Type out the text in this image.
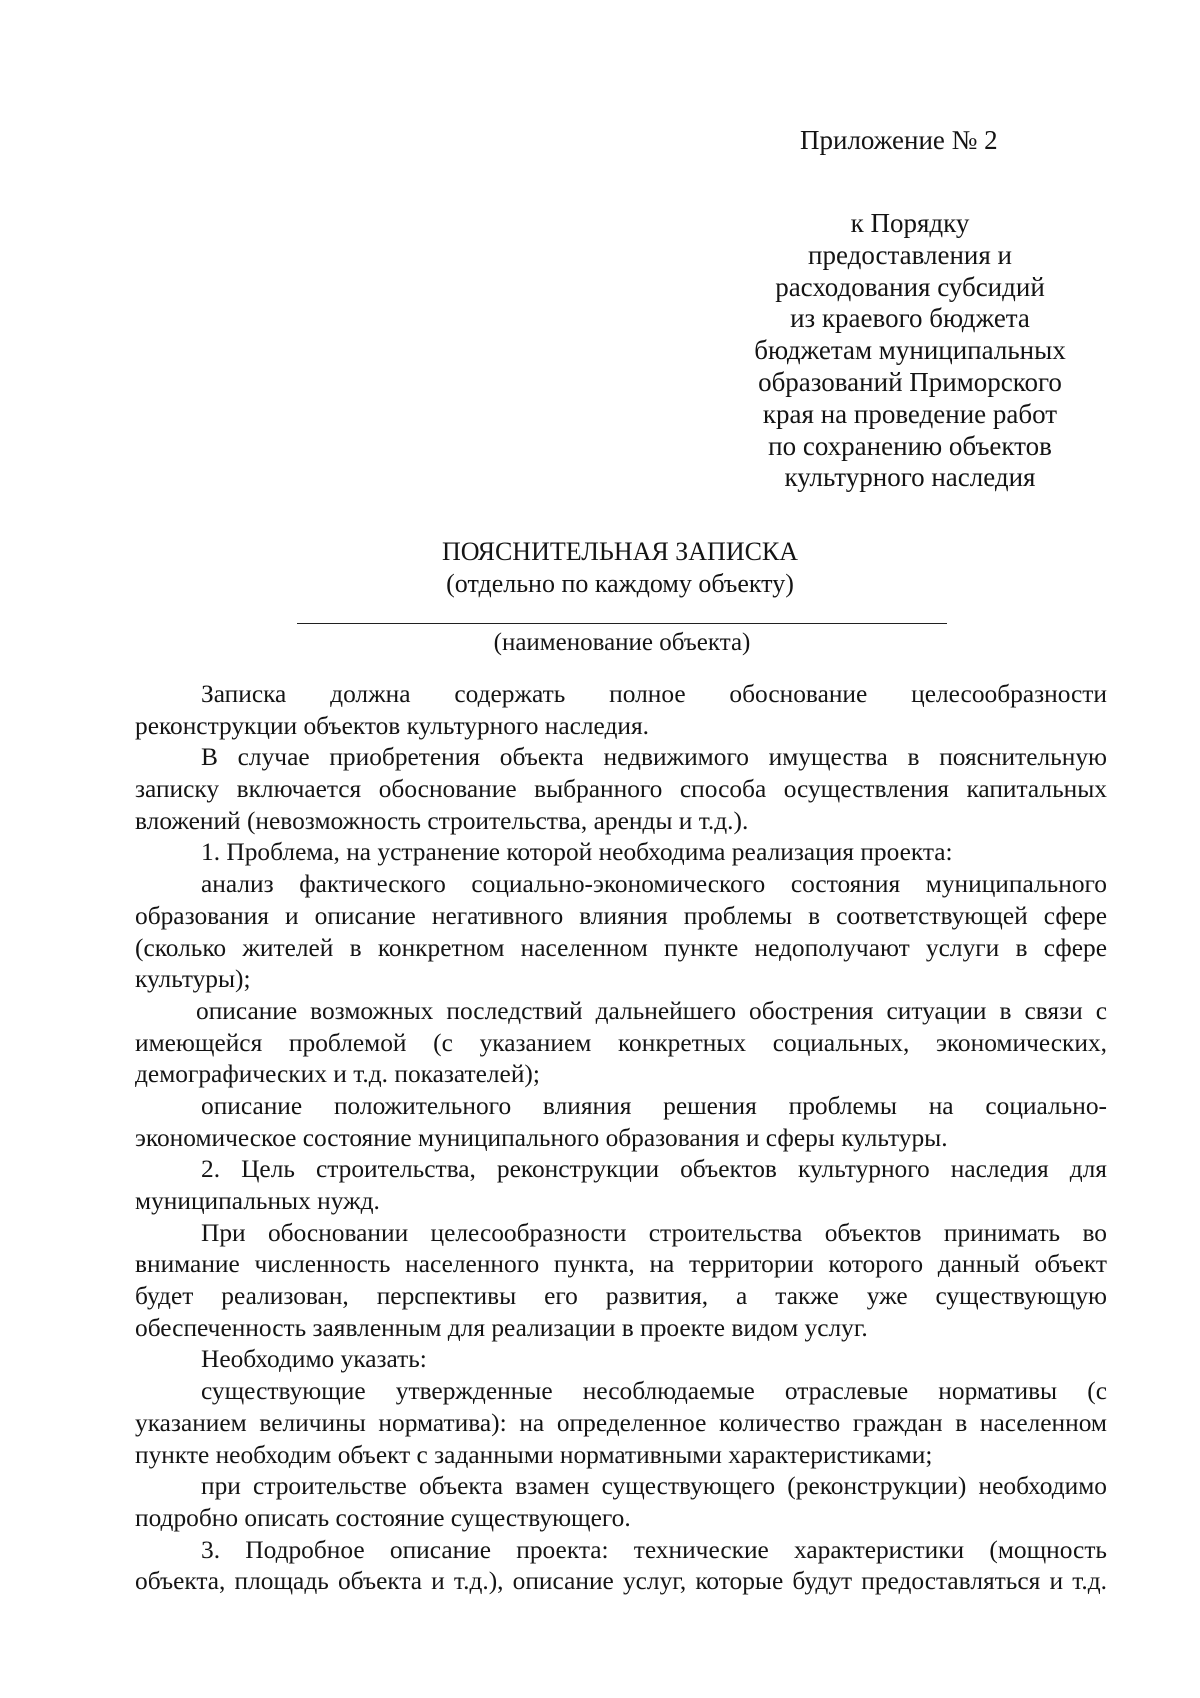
Приложение № 2
к Порядку
предоставления и
расходования субсидий
из краевого бюджета
бюджетам муниципальных
образований Приморского
края на проведение работ
по сохранению объектов
культурного наследия
ПОЯСНИТЕЛЬНАЯ ЗАПИСКА
(отдельно по каждому объекту)
(наименование объекта)
Записка должна содержать полное обоснование целесообразности
реконструкции объектов культурного наследия.
В случае приобретения объекта недвижимого имущества в пояснительную
записку включается обоснование выбранного способа осуществления капитальных
вложений (невозможность строительства, аренды и т.д.).
1. Проблема, на устранение которой необходима реализация проекта:
анализ фактического социально-экономического состояния муниципального
образования и описание негативного влияния проблемы в соответствующей сфере
(сколько жителей в конкретном населенном пункте недополучают услуги в сфере
культуры);
описание возможных последствий дальнейшего обострения ситуации в связи с
имеющейся проблемой (с указанием конкретных социальных, экономических,
демографических и т.д. показателей);
описание положительного влияния решения проблемы на социально-
экономическое состояние муниципального образования и сферы культуры.
2. Цель строительства, реконструкции объектов культурного наследия для
муниципальных нужд.
При обосновании целесообразности строительства объектов принимать во
внимание численность населенного пункта, на территории которого данный объект
будет реализован, перспективы его развития, а также уже существующую
обеспеченность заявленным для реализации в проекте видом услуг.
Необходимо указать:
существующие утвержденные несоблюдаемые отраслевые нормативы (с
указанием величины норматива): на определенное количество граждан в населенном
пункте необходим объект с заданными нормативными характеристиками;
при строительстве объекта взамен существующего (реконструкции) необходимо
подробно описать состояние существующего.
3. Подробное описание проекта: технические характеристики (мощность
объекта, площадь объекта и т.д.), описание услуг, которые будут предоставляться и т.д.
